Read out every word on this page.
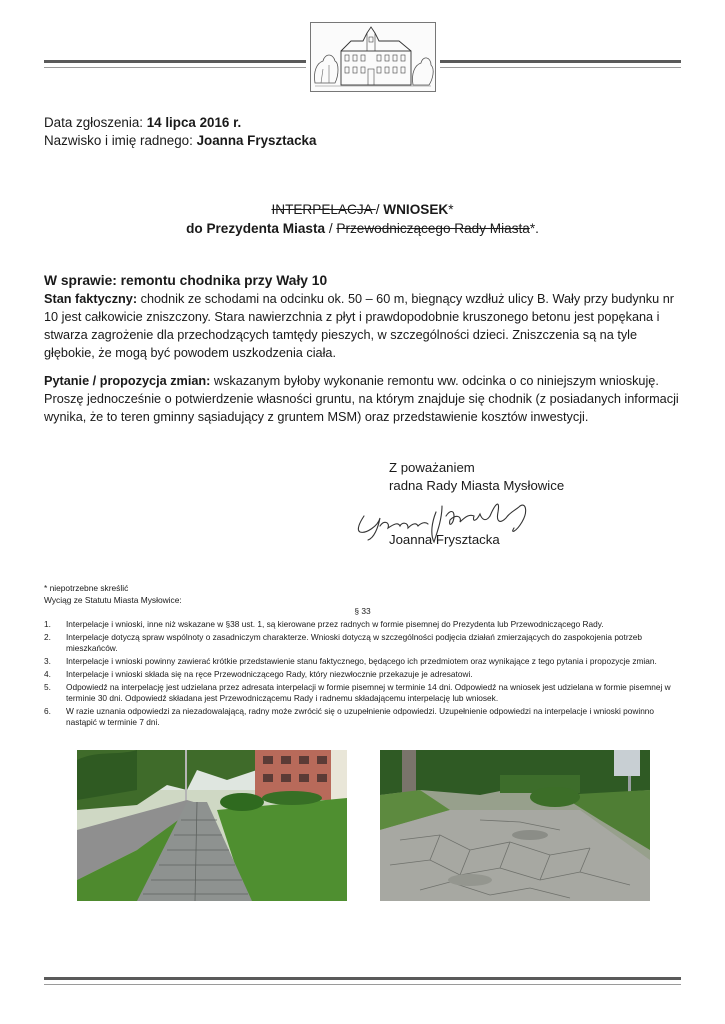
Data zgłoszenia: 14 lipca 2016 r.
Nazwisko i imię radnego: Joanna Frysztacka
INTERPELACJA / WNIOSEK*
do Prezydenta Miasta / Przewodniczącego Rady Miasta*.
W sprawie: remontu chodnika przy Wały 10
Stan faktyczny: chodnik ze schodami na odcinku ok. 50 – 60 m, biegnący wzdłuż ulicy B. Wały przy budynku nr 10 jest całkowicie zniszczony. Stara nawierzchnia z płyt i prawdopodobnie kruszonego betonu jest popękana i stwarza zagrożenie dla przechodzących tamtędy pieszych, w szczególności dzieci. Zniszczenia są na tyle głębokie, że mogą być powodem uszkodzenia ciała.
Pytanie / propozycja zmian: wskazanym byłoby wykonanie remontu ww. odcinka o co niniejszym wnioskuję. Proszę jednocześnie o potwierdzenie własności gruntu, na którym znajduje się chodnik (z posiadanych informacji wynika, że to teren gminny sąsiadujący z gruntem MSM) oraz przedstawienie kosztów inwestycji.
Z poważaniem
radna Rady Miasta Mysłowice
Joanna Frysztacka
* niepotrzebne skreślić
Wyciąg ze Statutu Miasta Mysłowice:
§ 33
1. Interpelacje i wnioski, inne niż wskazane w §38 ust. 1, są kierowane przez radnych w formie pisemnej do Prezydenta lub Przewodniczącego Rady.
2. Interpelacje dotyczą spraw wspólnoty o zasadniczym charakterze. Wnioski dotyczą w szczególności podjęcia działań zmierzających do zaspokojenia potrzeb mieszkańców.
3. Interpelacje i wnioski powinny zawierać krótkie przedstawienie stanu faktycznego, będącego ich przedmiotem oraz wynikające z tego pytania i propozycje zmian.
4. Interpelacje i wnioski składa się na ręce Przewodniczącego Rady, który niezwłocznie przekazuje je adresatowi.
5. Odpowiedź na interpelację jest udzielana przez adresata interpelacji w formie pisemnej w terminie 14 dni. Odpowiedź na wniosek jest udzielana w formie pisemnej w terminie 30 dni. Odpowiedź składana jest Przewodniczącemu Rady i radnemu składającemu interpelację lub wniosek.
6. W razie uznania odpowiedzi za niezadowalającą, radny może zwrócić się o uzupełnienie odpowiedzi. Uzupełnienie odpowiedzi na interpelacje i wnioski powinno nastąpić w terminie 7 dni.
